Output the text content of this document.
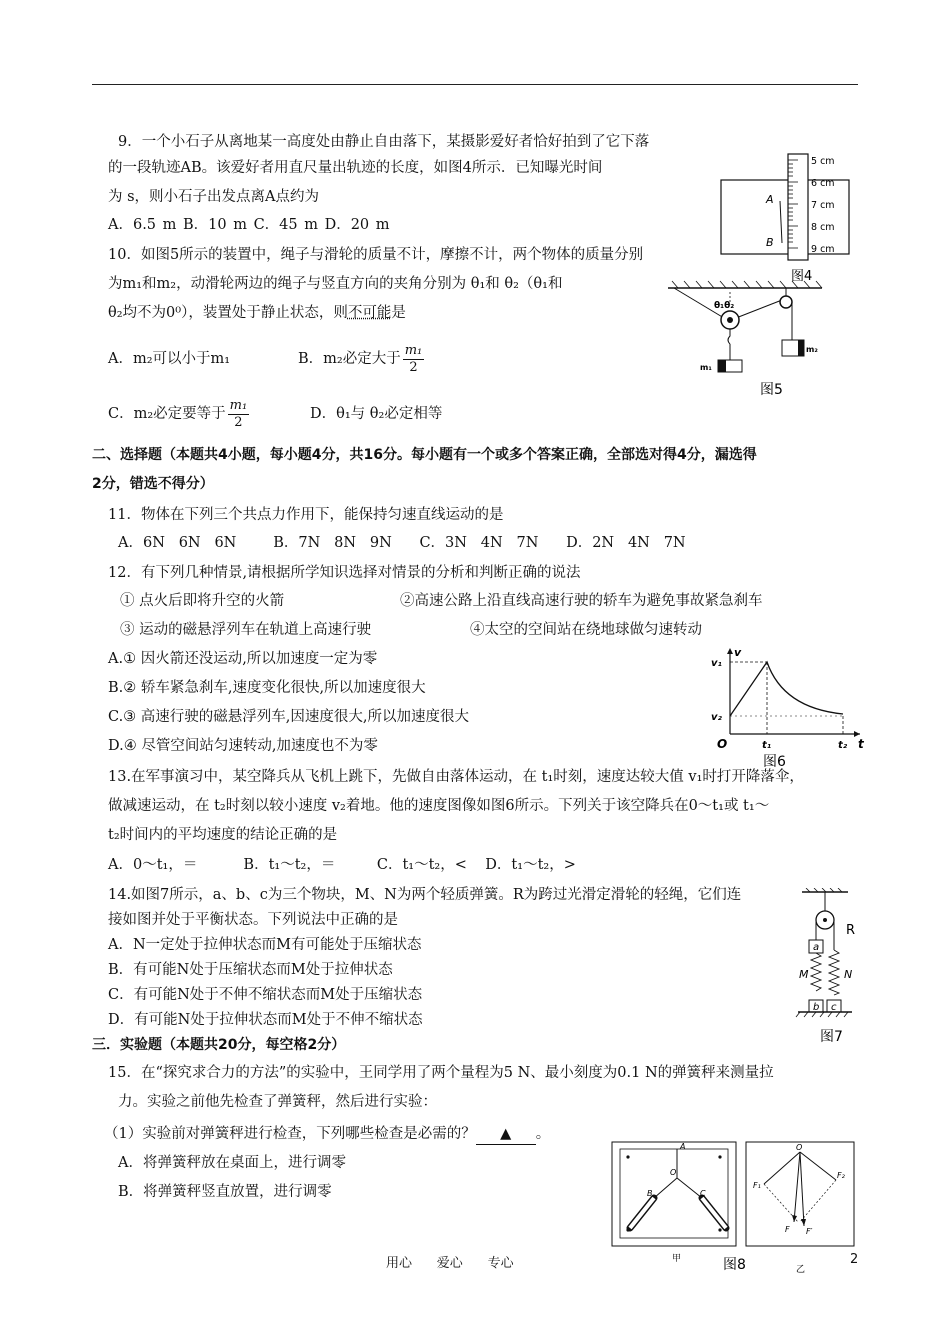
9．一个小石子从离地某一高度处由静止自由落下，某摄影爱好者恰好拍到了它下落
的一段轨迹AB。该爱好者用直尺量出轨迹的长度，如图4所示．已知曝光时间
为 s，则小石子出发点离A点约为
A．6.5 m B．10 m C．45 m D．20 m
A
B
5 cm
6 cm
7 cm
8 cm
9 cm
图4
10．如图5所示的装置中，绳子与滑轮的质量不计，摩擦不计，两个物体的质量分别
为m₁和m₂，动滑轮两边的绳子与竖直方向的夹角分别为 θ₁和 θ₂（θ₁和
θ₂均不为0⁰），装置处于静止状态，则不可能是
A．m₂可以小于m₁	B．m₂必定大于 $\frac{\text{m₁}}{2}$
C．m₂必定要等于 $\frac{\text{m₁}}{2}$	D．θ₁与 θ₂必定相等
θ₁θ₂
m₁
m₂
图5
二、选择题（本题共4小题，每小题4分，共16分。每小题有一个或多个答案正确，全部选对得4分，漏选得
2分，错选不得分）
11．物体在下列三个共点力作用下，能保持匀速直线运动的是
A．6N   6N   6N        B．7N   8N   9N      C．3N   4N   7N      D．2N   4N   7N
12．有下列几种情景,请根据所学知识选择对情景的分析和判断正确的说法
① 点火后即将升空的火箭	②高速公路上沿直线高速行驶的轿车为避免事故紧急刹车
③ 运动的磁悬浮列车在轨道上高速行驶	④太空的空间站在绕地球做匀速转动
A.① 因火箭还没运动,所以加速度一定为零
B.② 轿车紧急刹车,速度变化很快,所以加速度很大
C.③ 高速行驶的磁悬浮列车,因速度很大,所以加速度很大
D.④ 尽管空间站匀速转动,加速度也不为零
v
v₁
v₂
O	t₁	t₂ t
图6
13.在军事演习中，某空降兵从飞机上跳下，先做自由落体运动，在 t₁时刻，速度达较大值 v₁时打开降落伞，
做减速运动，在 t₂时刻以较小速度 v₂着地。他的速度图像如图6所示。下列关于该空降兵在0～t₁或 t₁～
t₂时间内的平均速度的结论正确的是
A．0～t₁，＝          B．t₁～t₂，＝         C．t₁～t₂，<    D．t₁～t₂，>
14.如图7所示，a、b、c为三个物块，M、N为两个轻质弹簧。R为跨过光滑定滑轮的轻绳，它们连
接如图并处于平衡状态。下列说法中正确的是
A．N一定处于拉伸状态而M有可能处于压缩状态
B．有可能N处于压缩状态而M处于拉伸状态
C．有可能N处于不伸不缩状态而M处于压缩状态
D．有可能N处于拉伸状态而M处于不伸不缩状态
R
a
b c
M	N
图7
三．实验题（本题共20分，每空格2分）
15．在“探究求合力的方法”的实验中，王同学用了两个量程为5 N、最小刻度为0.1 N的弹簧秤来测量拉
力。实验之前他先检查了弹簧秤，然后进行实验：
（1）实验前对弹簧秤进行检查，下列哪些检查是必需的？ ▲ 。
A．将弹簧秤放在桌面上，进行调零
B．将弹簧秤竖直放置，进行调零
A
O
B	C
O
F₁
F₂
F F′
甲
乙
图8
用心      爱心      专心	2
